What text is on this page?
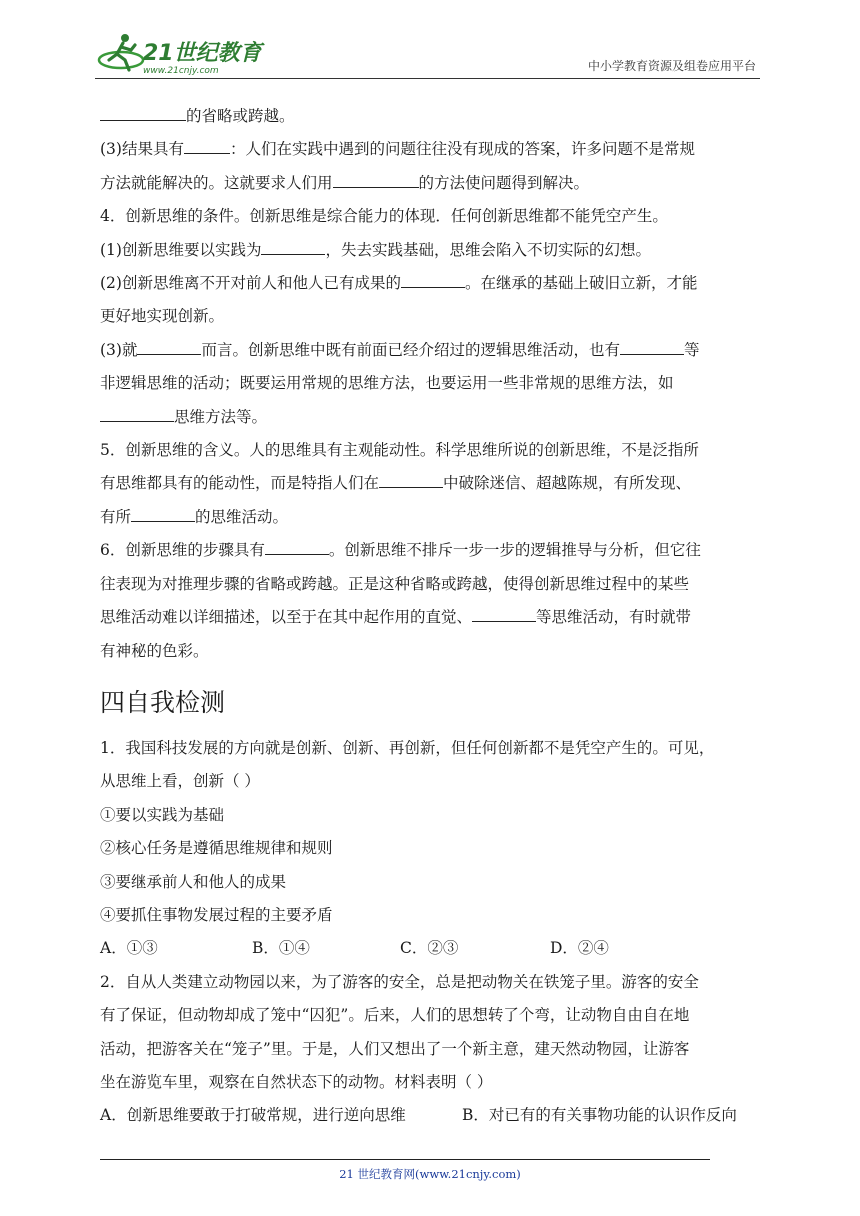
21世纪教育
www.21cnjy.com	中小学教育资源及组卷应用平台
的省略或跨越。
(3)结果具有	：人们在实践中遇到的问题往往没有现成的答案，许多问题不是常规
方法就能解决的。这就要求人们用	的方法使问题得到解决。
4．创新思维的条件。创新思维是综合能力的体现．任何创新思维都不能凭空产生。
(1)创新思维要以实践为	，失去实践基础，思维会陷入不切实际的幻想。
(2)创新思维离不开对前人和他人已有成果的	。在继承的基础上破旧立新，才能
更好地实现创新。
(3)就	而言。创新思维中既有前面已经介绍过的逻辑思维活动，也有	等
非逻辑思维的活动；既要运用常规的思维方法，也要运用一些非常规的思维方法，如
思维方法等。
5．创新思维的含义。人的思维具有主观能动性。科学思维所说的创新思维，不是泛指所
有思维都具有的能动性，而是特指人们在	中破除迷信、超越陈规，有所发现、
有所	的思维活动。
6．创新思维的步骤具有	。创新思维不排斥一步一步的逻辑推导与分析，但它往
往表现为对推理步骤的省略或跨越。正是这种省略或跨越，使得创新思维过程中的某些
思维活动难以详细描述，以至于在其中起作用的直觉、	等思维活动，有时就带
有神秘的色彩。
四自我检测
1．我国科技发展的方向就是创新、创新、再创新，但任何创新都不是凭空产生的。可见，
从思维上看，创新（ ）
①要以实践为基础
②核心任务是遵循思维规律和规则
③要继承前人和他人的成果
④要抓住事物发展过程的主要矛盾
A．①③	B．①④	C．②③	D．②④
2．自从人类建立动物园以来，为了游客的安全，总是把动物关在铁笼子里。游客的安全
有了保证，但动物却成了笼中“囚犯”。后来，人们的思想转了个弯，让动物自由自在地
活动，把游客关在“笼子”里。于是，人们又想出了一个新主意，建天然动物园，让游客
坐在游览车里，观察在自然状态下的动物。材料表明（ ）
A．创新思维要敢于打破常规，进行逆向思维	B．对已有的有关事物功能的认识作反向
21 世纪教育网(www.21cnjy.com)
